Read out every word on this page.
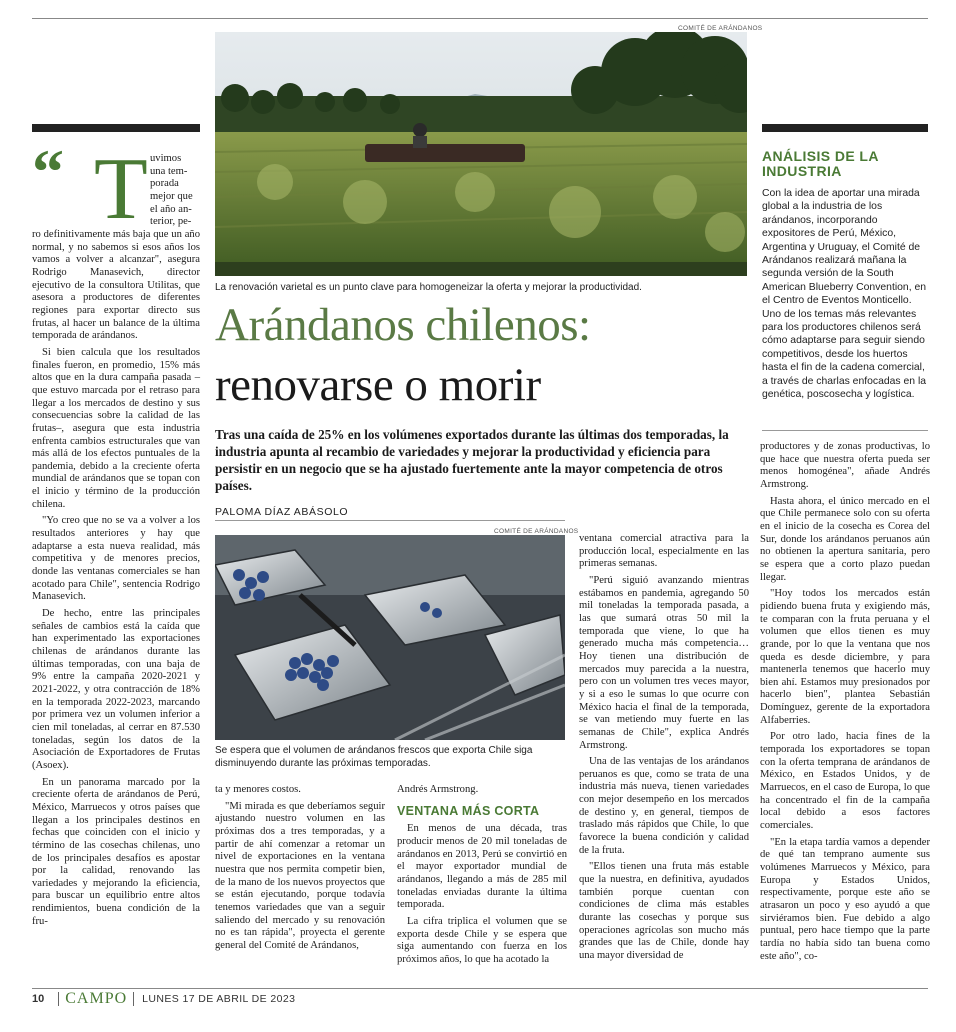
COMITÉ DE ARÁNDANOS
La renovación varietal es un punto clave para homogeneizar la oferta y mejorar la productividad.
Arándanos chilenos:
renovarse o morir
Tras una caída de 25% en los volúmenes exportados durante las últimas dos temporadas, la industria apunta al recambio de variedades y mejorar la productividad y eficiencia para persistir en un negocio que se ha ajustado fuertemente ante la mayor competencia de otros países.
PALOMA DÍAZ ABÁSOLO
“ T uvimos
una tem-
porada
mejor que
el año an-
terior, pe-

ro definitivamente más baja que un año normal, y no sabemos si esos años los vamos a volver a alcanzar", asegura Rodrigo Manasevich, director ejecutivo de la consultora Utilitas, que asesora a productores de diferentes regiones para exportar directo sus frutas, al hacer un balance de la última temporada de arándanos.

Si bien calcula que los resultados finales fueron, en promedio, 15% más altos que en la dura campaña pasada –que estuvo marcada por el retraso para llegar a los mercados de destino y sus consecuencias sobre la calidad de las frutas–, asegura que esta industria enfrenta cambios estructurales que van más allá de los efectos puntuales de la pandemia, debido a la creciente oferta mundial de arándanos que se topan con el inicio y término de la producción chilena.

"Yo creo que no se va a volver a los resultados anteriores y hay que adaptarse a esta nueva realidad, más competitiva y de menores precios, donde las ventanas comerciales se han acotado para Chile", sentencia Rodrigo Manasevich.

De hecho, entre las principales señales de cambios está la caída que han experimentado las exportaciones chilenas de arándanos durante las últimas temporadas, con una baja de 9% entre la campaña 2020-2021 y 2021-2022, y otra contracción de 18% en la temporada 2022-2023, marcando por primera vez un volumen inferior a cien mil toneladas, al cerrar en 87.530 toneladas, según los datos de la Asociación de Exportadores de Frutas (Asoex).

En un panorama marcado por la creciente oferta de arándanos de Perú, México, Marruecos y otros países que llegan a los principales destinos en fechas que coinciden con el inicio y término de las cosechas chilenas, uno de los principales desafíos es apostar por la calidad, renovando las variedades y mejorando la eficiencia, para buscar un equilibrio entre altos rendimientos, buena condición de la fru-

COMITÉ DE ARÁNDANOS
Se espera que el volumen de arándanos frescos que exporta Chile siga disminuyendo durante las próximas temporadas.

ta y menores costos.

"Mi mirada es que deberíamos seguir ajustando nuestro volumen en las próximas dos a tres temporadas, y a partir de ahí comenzar a retomar un nivel de exportaciones en la ventana nuestra que nos permita competir bien, de la mano de los nuevos proyectos que se están ejecutando, porque todavía tenemos variedades que van a seguir saliendo del mercado y su renovación no es tan rápida", proyecta el gerente general del Comité de Arándanos,

Andrés Armstrong.

VENTANA MÁS CORTA

En menos de una década, tras producir menos de 20 mil toneladas de arándanos en 2013, Perú se convirtió en el mayor exportador mundial de arándanos, llegando a más de 285 mil toneladas enviadas durante la última temporada.

La cifra triplica el volumen que se exporta desde Chile y se espera que siga aumentando con fuerza en los próximos años, lo que ha acotado la

ventana comercial atractiva para la producción local, especialmente en las primeras semanas.

"Perú siguió avanzando mientras estábamos en pandemia, agregando 50 mil toneladas la temporada pasada, a las que sumará otras 50 mil la temporada que viene, lo que ha generado mucha más competencia… Hoy tienen una distribución de mercados muy parecida a la nuestra, pero con un volumen tres veces mayor, y si a eso le sumas lo que ocurre con México hacia el final de la temporada, se van metiendo muy fuerte en las semanas de Chile", explica Andrés Armstrong.

Una de las ventajas de los arándanos peruanos es que, como se trata de una industria más nueva, tienen variedades con mejor desempeño en los mercados de destino y, en general, tiempos de traslado más rápidos que Chile, lo que favorece la buena condición y calidad de la fruta.

"Ellos tienen una fruta más estable que la nuestra, en definitiva, ayudados también porque cuentan con condiciones de clima más estables durante las cosechas y porque sus operaciones agrícolas son mucho más grandes que las de Chile, donde hay una mayor diversidad de

ANÁLISIS DE LA INDUSTRIA
Con la idea de aportar una mirada global a la industria de los arándanos, incorporando expositores de Perú, México, Argentina y Uruguay, el Comité de Arándanos realizará mañana la segunda versión de la South American Blueberry Convention, en el Centro de Eventos Monticello.
Uno de los temas más relevantes para los productores chilenos será cómo adaptarse para seguir siendo competitivos, desde los huertos hasta el fin de la cadena comercial, a través de charlas enfocadas en la genética, poscosecha y logística.

productores y de zonas productivas, lo que hace que nuestra oferta pueda ser menos homogénea", añade Andrés Armstrong.

Hasta ahora, el único mercado en el que Chile permanece solo con su oferta en el inicio de la cosecha es Corea del Sur, donde los arándanos peruanos aún no obtienen la apertura sanitaria, pero se espera que a corto plazo puedan llegar.

"Hoy todos los mercados están pidiendo buena fruta y exigiendo más, te comparan con la fruta peruana y el volumen que ellos tienen es muy grande, por lo que la ventana que nos queda es desde diciembre, y para mantenerla tenemos que hacerlo muy bien ahí. Estamos muy presionados por hacerlo bien", plantea Sebastián Domínguez, gerente de la exportadora Alfaberries.

Por otro lado, hacia fines de la temporada los exportadores se topan con la oferta temprana de arándanos de México, en Estados Unidos, y de Marruecos, en el caso de Europa, lo que ha concentrado el fin de la campaña local debido a esos factores comerciales.

"En la etapa tardía vamos a depender de qué tan temprano aumente sus volúmenes Marruecos y México, para Europa y Estados Unidos, respectivamente, porque este año se atrasaron un poco y eso ayudó a que sirviéramos bien. Fue debido a algo puntual, pero hace tiempo que la parte tardía no había sido tan buena como este año", co-

10 CAMPO LUNES 17 DE ABRIL DE 2023
